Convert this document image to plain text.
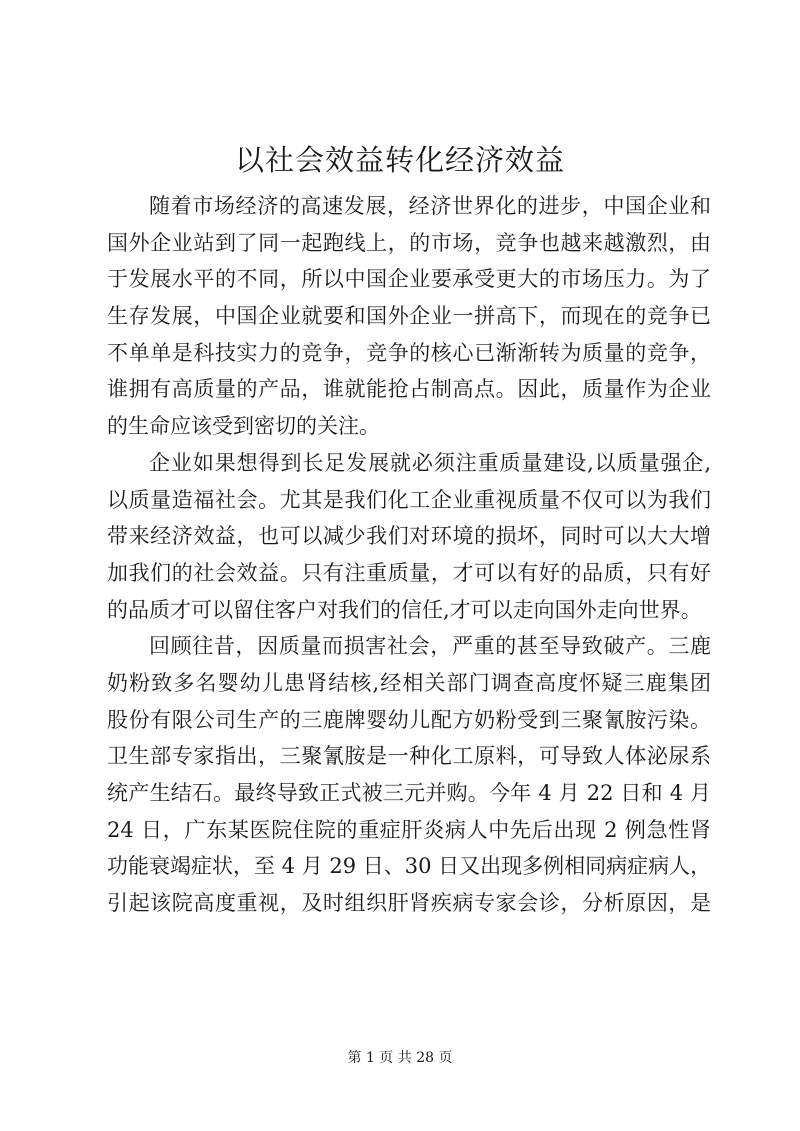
以社会效益转化经济效益
随着市场经济的高速发展，经济世界化的进步，中国企业和
国外企业站到了同一起跑线上，的市场，竞争也越来越激烈，由
于发展水平的不同，所以中国企业要承受更大的市场压力。为了
生存发展，中国企业就要和国外企业一拼高下，而现在的竞争已
不单单是科技实力的竞争，竞争的核心已渐渐转为质量的竞争，
谁拥有高质量的产品，谁就能抢占制高点。因此，质量作为企业
的生命应该受到密切的关注。
企业如果想得到长足发展就必须注重质量建设,以质量强企,
以质量造福社会。尤其是我们化工企业重视质量不仅可以为我们
带来经济效益，也可以减少我们对环境的损坏，同时可以大大增
加我们的社会效益。只有注重质量，才可以有好的品质，只有好
的品质才可以留住客户对我们的信任,才可以走向国外走向世界。
回顾往昔，因质量而损害社会，严重的甚至导致破产。三鹿
奶粉致多名婴幼儿患肾结核,经相关部门调查高度怀疑三鹿集团
股份有限公司生产的三鹿牌婴幼儿配方奶粉受到三聚氰胺污染。
卫生部专家指出，三聚氰胺是一种化工原料，可导致人体泌尿系
统产生结石。最终导致正式被三元并购。今年 4 月 22 日和 4 月
24 日，广东某医院住院的重症肝炎病人中先后出现 2 例急性肾
功能衰竭症状，至 4 月 29 日、30 日又出现多例相同病症病人，
引起该院高度重视，及时组织肝肾疾病专家会诊，分析原因，是
第 1 页 共 28 页
